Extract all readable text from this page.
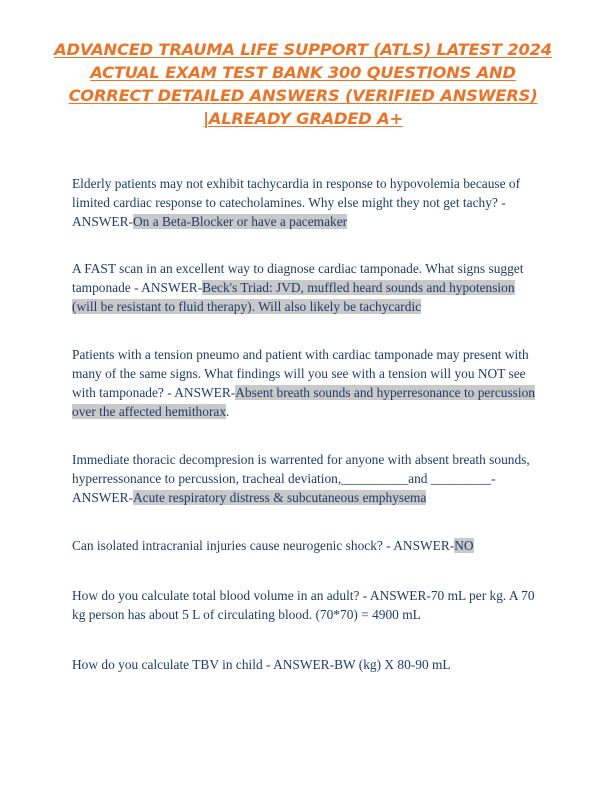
ADVANCED TRAUMA LIFE SUPPORT (ATLS) LATEST 2024
ACTUAL EXAM TEST BANK 300 QUESTIONS AND
CORRECT DETAILED ANSWERS (VERIFIED ANSWERS)
|ALREADY GRADED A+

Elderly patients may not exhibit tachycardia in response to hypovolemia because of limited cardiac response to catecholamines. Why else might they not get tachy? - ANSWER-On a Beta-Blocker or have a pacemaker

A FAST scan in an excellent way to diagnose cardiac tamponade. What signs sugget tamponade - ANSWER-Beck's Triad: JVD, muffled heard sounds and hypotension (will be resistant to fluid therapy). Will also likely be tachycardic

Patients with a tension pneumo and patient with cardiac tamponade may present with many of the same signs. What findings will you see with a tension will you NOT see with tamponade? - ANSWER-Absent breath sounds and hyperresonance to percussion over the affected hemithorax.

Immediate thoracic decompresion is warrented for anyone with absent breath sounds, hyperressonance to percussion, tracheal deviation,__________and _________- ANSWER-Acute respiratory distress & subcutaneous emphysema

Can isolated intracranial injuries cause neurogenic shock? - ANSWER-NO

How do you calculate total blood volume in an adult? - ANSWER-70 mL per kg. A 70 kg person has about 5 L of circulating blood. (70*70) = 4900 mL

How do you calculate TBV in child - ANSWER-BW (kg) X 80-90 mL
